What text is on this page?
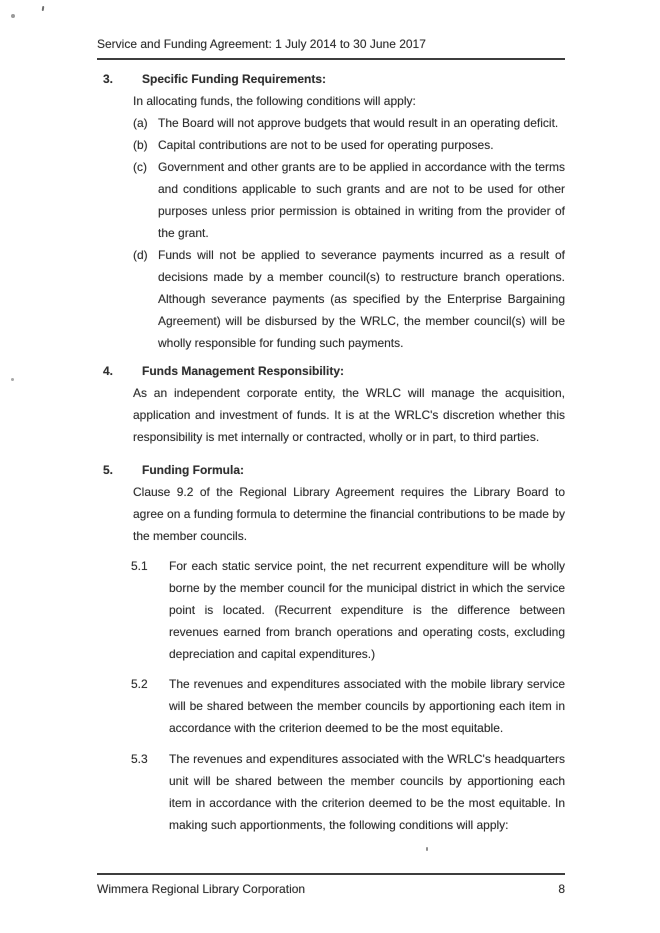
Service and Funding Agreement: 1 July 2014 to 30 June 2017
3.	Specific Funding Requirements:
In allocating funds, the following conditions will apply:
(a) The Board will not approve budgets that would result in an operating deficit.
(b) Capital contributions are not to be used for operating purposes.
(c) Government and other grants are to be applied in accordance with the terms and conditions applicable to such grants and are not to be used for other purposes unless prior permission is obtained in writing from the provider of the grant.
(d) Funds will not be applied to severance payments incurred as a result of decisions made by a member council(s) to restructure branch operations. Although severance payments (as specified by the Enterprise Bargaining Agreement) will be disbursed by the WRLC, the member council(s) will be wholly responsible for funding such payments.
4.	Funds Management Responsibility:
As an independent corporate entity, the WRLC will manage the acquisition, application and investment of funds. It is at the WRLC's discretion whether this responsibility is met internally or contracted, wholly or in part, to third parties.
5.	Funding Formula:
Clause 9.2 of the Regional Library Agreement requires the Library Board to agree on a funding formula to determine the financial contributions to be made by the member councils.
5.1	For each static service point, the net recurrent expenditure will be wholly borne by the member council for the municipal district in which the service point is located. (Recurrent expenditure is the difference between revenues earned from branch operations and operating costs, excluding depreciation and capital expenditures.)
5.2	The revenues and expenditures associated with the mobile library service will be shared between the member councils by apportioning each item in accordance with the criterion deemed to be the most equitable.
5.3	The revenues and expenditures associated with the WRLC's headquarters unit will be shared between the member councils by apportioning each item in accordance with the criterion deemed to be the most equitable. In making such apportionments, the following conditions will apply:
Wimmera Regional Library Corporation	8
